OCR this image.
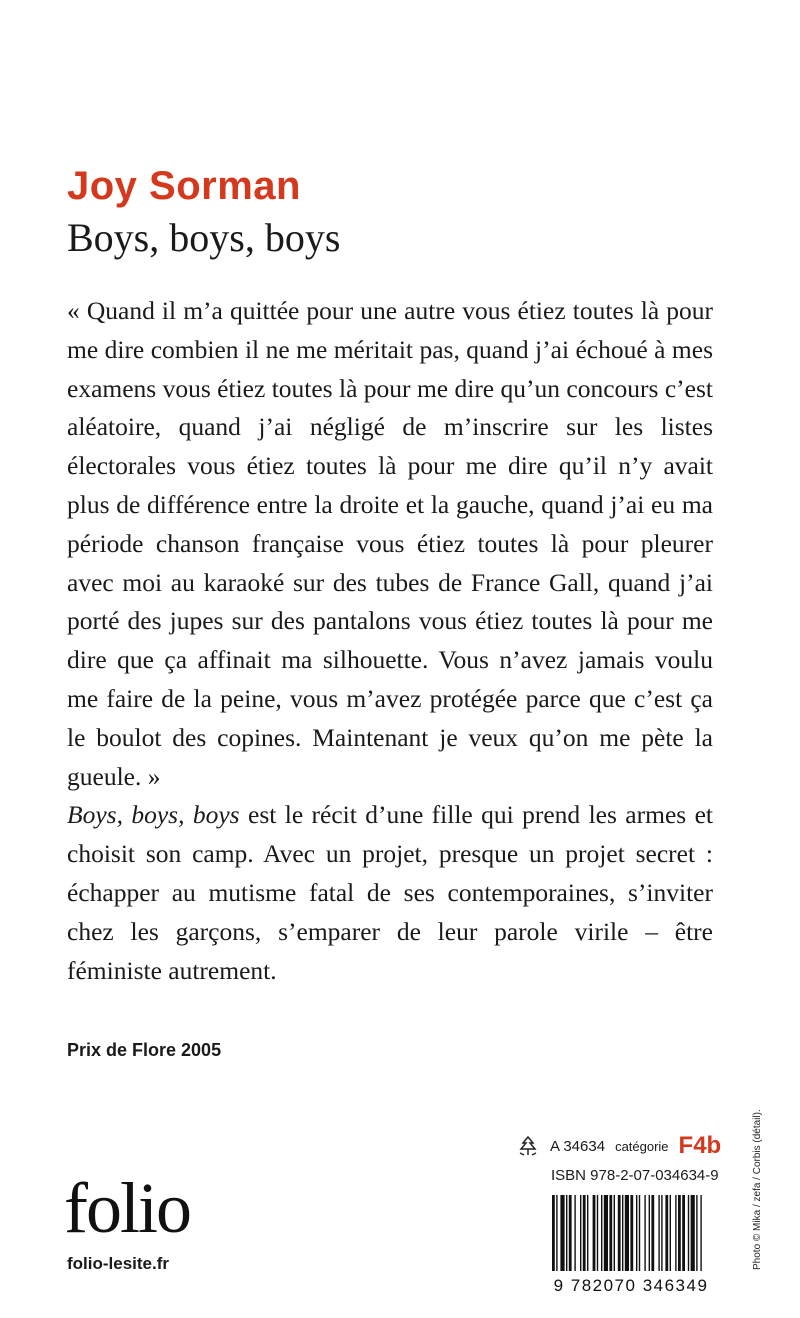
Joy Sorman
Boys, boys, boys

« Quand il m’a quittée pour une autre vous étiez toutes là pour me dire combien il ne me méritait pas, quand j’ai échoué à mes examens vous étiez toutes là pour me dire qu’un concours c’est aléatoire, quand j’ai négligé de m’inscrire sur les listes électorales vous étiez toutes là pour me dire qu’il n’y avait plus de différence entre la droite et la gauche, quand j’ai eu ma période chanson française vous étiez toutes là pour pleurer avec moi au karaoké sur des tubes de France Gall, quand j’ai porté des jupes sur des pantalons vous étiez toutes là pour me dire que ça affinait ma silhouette. Vous n’avez jamais voulu me faire de la peine, vous m’avez protégée parce que c’est ça le boulot des copines. Maintenant je veux qu’on me pète la gueule. »

Boys, boys, boys est le récit d’une fille qui prend les armes et choisit son camp. Avec un projet, presque un projet secret : échapper au mutisme fatal de ses contemporaines, s’inviter chez les garçons, s’emparer de leur parole virile – être féministe autrement.

Prix de Flore 2005

A 34634 catégorie F4b
ISBN 978-2-07-034634-9
9 782070 346349
folio
folio-lesite.fr	Photo © Mika / zefa / Corbis (détail).
